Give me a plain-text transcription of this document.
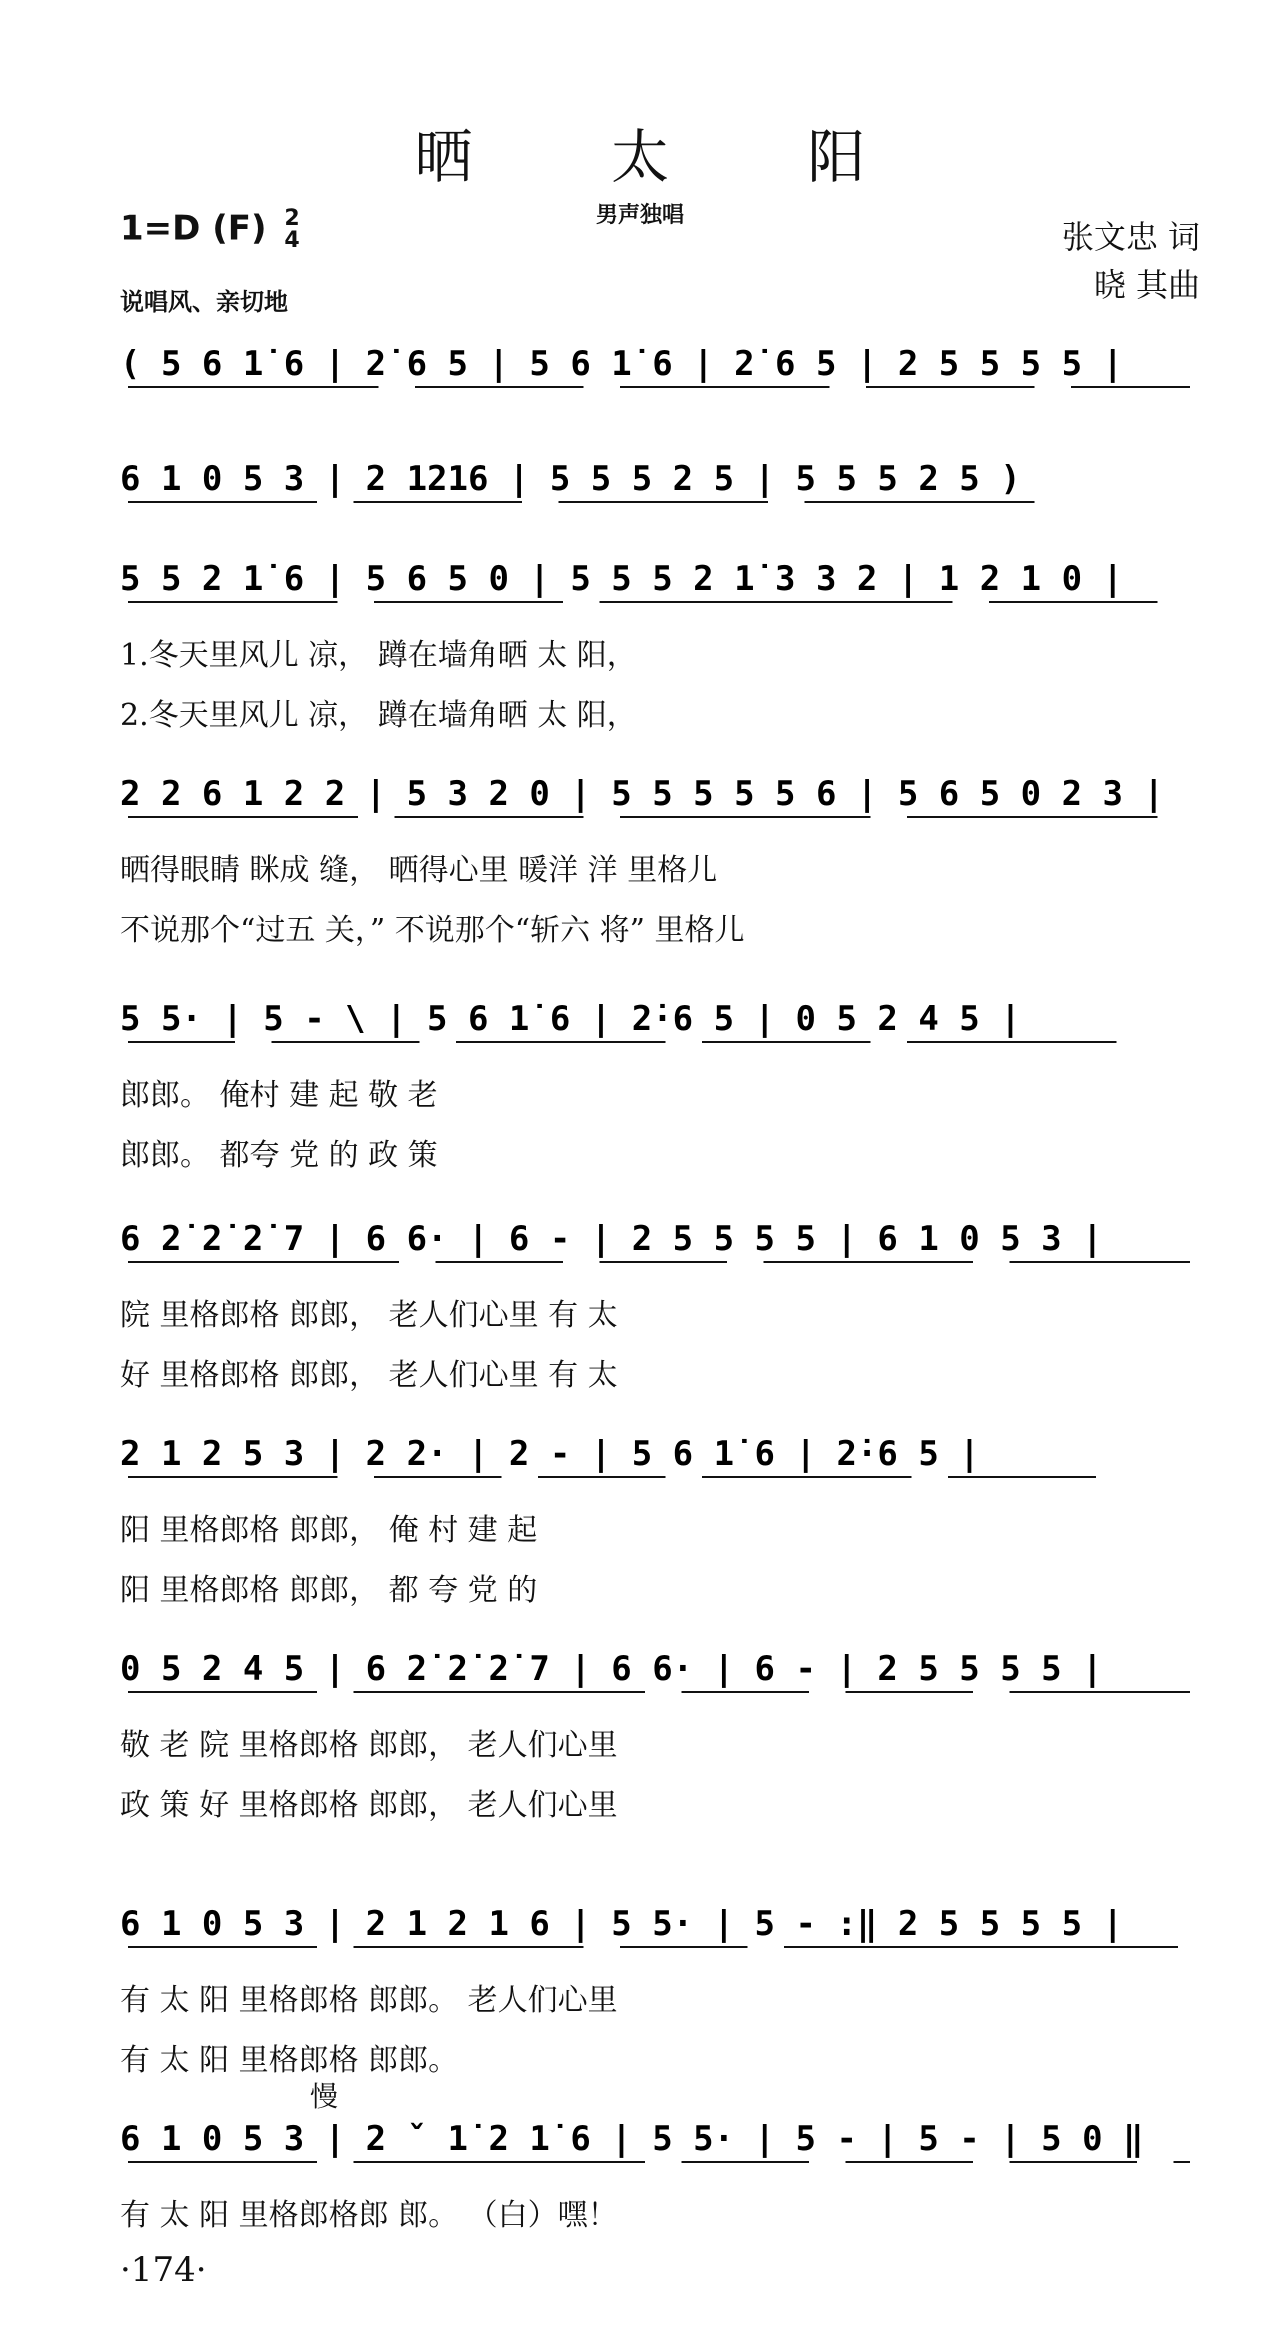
晒 太 阳
男声独唱
1=D (F) 2
4
说唱风、亲切地
张文忠 词
晓 其曲
( 5 6 1̇ 6 | 2̇ 6 5 | 5 6 1̇ 6 | 2̇ 6 5 | 2 5 5 5 5 |
6 1 0 5 3 | 2 1216 | 5 5 5 2 5 | 5 5 5 2 5 )
5 5 2 1̇ 6 | 5 6 5 0 | 5 5 5 2 1̇ 3 3 2 | 1 2 1 0 |
2 2 6 1 2 2 | 5 3 2 0 | 5 5 5 5 5 6 | 5 6 5 0 2 3 |
5 5· | 5 - \ | 5 6 1̇ 6 | 2̇·6 5 | 0 5 2 4 5 |
6 2̇ 2̇ 2̇ 7 | 6 6· | 6 - | 2 5 5 5 5 | 6 1 0 5 3 |
2 1 2 5 3 | 2 2· | 2 - | 5 6 1̇ 6 | 2̇·6 5 |
0 5 2 4 5 | 6 2̇ 2̇ 2̇ 7 | 6 6· | 6 - | 2 5 5 5 5 |
6 1 0 5 3 | 2 1 2 1 6 | 5 5· | 5 - :‖ 2 5 5 5 5 |
6 1 0 5 3 | 2 ˇ 1̇ 2 1̇ 6 | 5 5· | 5 - | 5 - | 5 0 ‖
·174·
1.冬天里风儿 凉， 蹲在墙角晒 太 阳，
2.冬天里风儿 凉， 蹲在墙角晒 太 阳，
晒得眼睛 眯成 缝， 晒得心里 暖洋 洋 里格儿
不说那个“过五 关，” 不说那个“斩六 将” 里格儿
郎郎。 俺村 建 起 敬 老
郎郎。 都夸 党 的 政 策
院 里格郎格 郎郎， 老人们心里 有 太
好 里格郎格 郎郎， 老人们心里 有 太
阳 里格郎格 郎郎， 俺 村 建 起
阳 里格郎格 郎郎， 都 夸 党 的
敬 老 院 里格郎格 郎郎， 老人们心里
政 策 好 里格郎格 郎郎， 老人们心里
有 太 阳 里格郎格 郎郎。 老人们心里
有 太 阳 里格郎格 郎郎。
有 太 阳 里格郎格郎 郎。 （白）嘿！
慢
